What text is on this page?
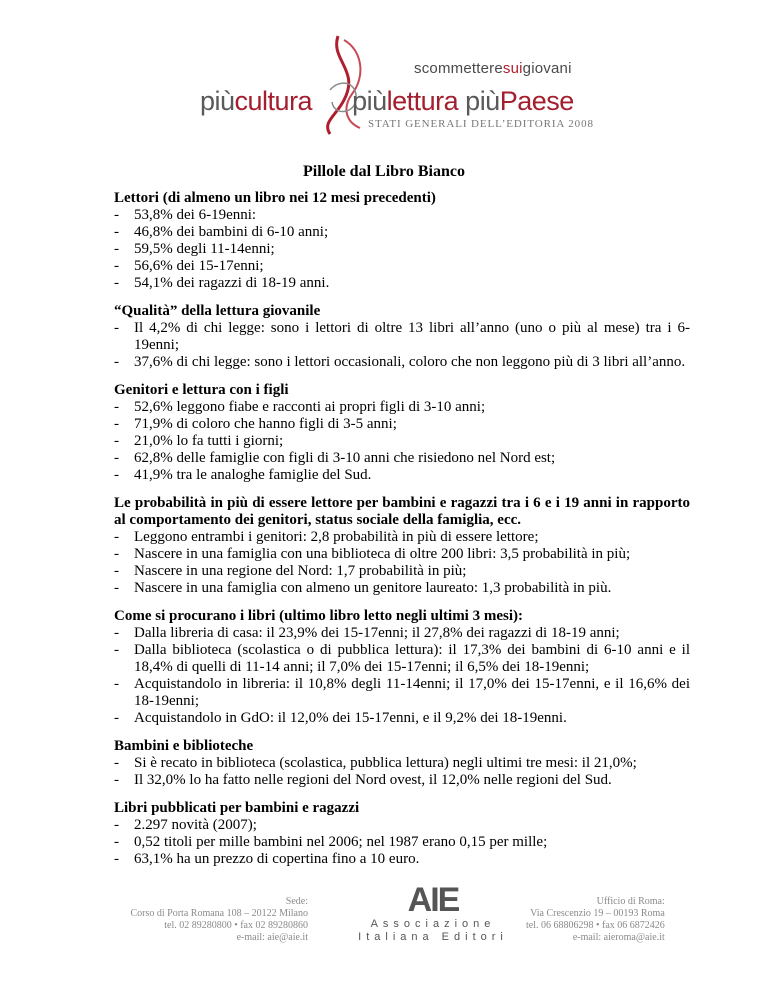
scommetteresuigiovani
piùcultura piùlettura piùPaese
STATI GENERALI DELL’EDITORIA 2008
Pillole dal Libro Bianco
Lettori (di almeno un libro nei 12 mesi precedenti)
- 53,8% dei 6-19enni:
- 46,8% dei bambini di 6-10 anni;
- 59,5% degli 11-14enni;
- 56,6% dei 15-17enni;
- 54,1% dei ragazzi di 18-19 anni.
“Qualità” della lettura giovanile
- Il 4,2% di chi legge: sono i lettori di oltre 13 libri all’anno (uno o più al mese) tra i 6-19enni;
- 37,6% di chi legge: sono i lettori occasionali, coloro che non leggono più di 3 libri all’anno.
Genitori e lettura con i figli
- 52,6% leggono fiabe e racconti ai propri figli di 3-10 anni;
- 71,9% di coloro che hanno figli di 3-5 anni;
- 21,0% lo fa tutti i giorni;
- 62,8% delle famiglie con figli di 3-10 anni che risiedono nel Nord est;
- 41,9% tra le analoghe famiglie del Sud.
Le probabilità in più di essere lettore per bambini e ragazzi tra i 6 e i 19 anni in rapporto al comportamento dei genitori, status sociale della famiglia, ecc.
- Leggono entrambi i genitori: 2,8 probabilità in più di essere lettore;
- Nascere in una famiglia con una biblioteca di oltre 200 libri: 3,5 probabilità in più;
- Nascere in una regione del Nord: 1,7 probabilità in più;
- Nascere in una famiglia con almeno un genitore laureato: 1,3 probabilità in più.
Come si procurano i libri (ultimo libro letto negli ultimi 3 mesi):
- Dalla libreria di casa: il 23,9% dei 15-17enni; il 27,8% dei ragazzi di 18-19 anni;
- Dalla biblioteca (scolastica o di pubblica lettura): il 17,3% dei bambini di 6-10 anni e il 18,4% di quelli di 11-14 anni; il 7,0% dei 15-17enni; il 6,5% dei 18-19enni;
- Acquistandolo in libreria: il 10,8% degli 11-14enni; il 17,0% dei 15-17enni, e il 16,6% dei 18-19enni;
- Acquistandolo in GdO: il 12,0% dei 15-17enni, e il 9,2% dei 18-19enni.
Bambini e biblioteche
- Si è recato in biblioteca (scolastica, pubblica lettura) negli ultimi tre mesi: il 21,0%;
- Il 32,0% lo ha fatto nelle regioni del Nord ovest, il 12,0% nelle regioni del Sud.
Libri pubblicati per bambini e ragazzi
- 2.297 novità (2007);
- 0,52 titoli per mille bambini nel 2006; nel 1987 erano 0,15 per mille;
- 63,1% ha un prezzo di copertina fino a 10 euro.
Sede:
Corso di Porta Romana 108 – 20122 Milano
tel. 02 89280800 • fax 02 89280860
e-mail: aie@aie.it
AIE
Associazione
Italiana Editori
Ufficio di Roma:
Via Crescenzio 19 – 00193 Roma
tel. 06 68806298 • fax 06 6872426
e-mail: aieroma@aie.it
